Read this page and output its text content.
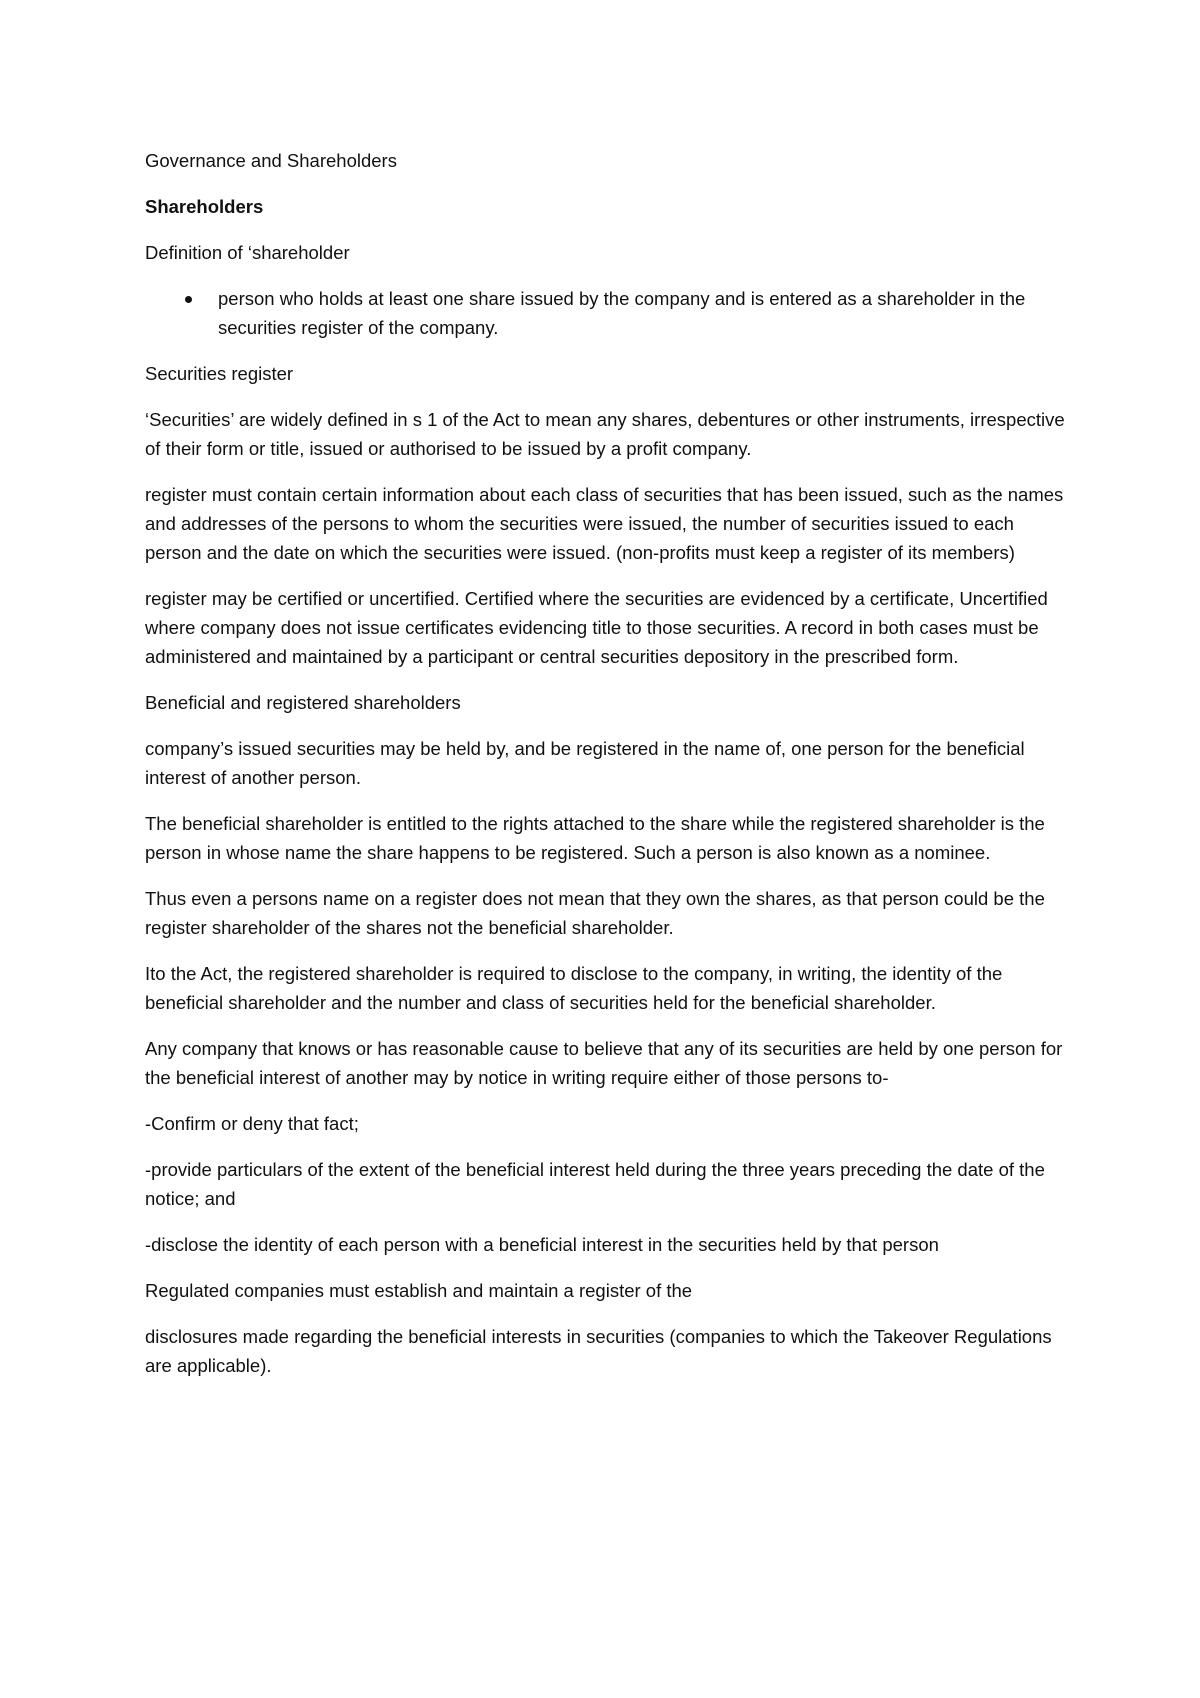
Governance and Shareholders

Shareholders

Definition of ‘shareholder

person who holds at least one share issued by the company and is entered as a shareholder in the securities register of the company.

Securities register

‘Securities’ are widely defined in s 1 of the Act to mean any shares, debentures or other instruments, irrespective of their form or title, issued or authorised to be issued by a profit company.

register must contain certain information about each class of securities that has been issued, such as the names and addresses of the persons to whom the securities were issued, the number of securities issued to each person and the date on which the securities were issued. (non-profits must keep a register of its members)

register may be certified or uncertified. Certified where the securities are evidenced by a certificate, Uncertified where company does not issue certificates evidencing title to those securities. A record in both cases must be administered and maintained by a participant or central securities depository in the prescribed form.

Beneficial and registered shareholders

company’s issued securities may be held by, and be registered in the name of, one person for the beneficial interest of another person.

The beneficial shareholder is entitled to the rights attached to the share while the registered shareholder is the person in whose name the share happens to be registered. Such a person is also known as a nominee.

Thus even a persons name on a register does not mean that they own the shares, as that person could be the register shareholder of the shares not the beneficial shareholder.

Ito the Act, the registered shareholder is required to disclose to the company, in writing, the identity of the beneficial shareholder and the number and class of securities held for the beneficial shareholder.

Any company that knows or has reasonable cause to believe that any of its securities are held by one person for the beneficial interest of another may by notice in writing require either of those persons to-

-Confirm or deny that fact;

-provide particulars of the extent of the beneficial interest held during the three years preceding the date of the notice; and

-disclose the identity of each person with a beneficial interest in the securities held by that person

Regulated companies must establish and maintain a register of the

disclosures made regarding the beneficial interests in securities (companies to which the Takeover Regulations are applicable).
